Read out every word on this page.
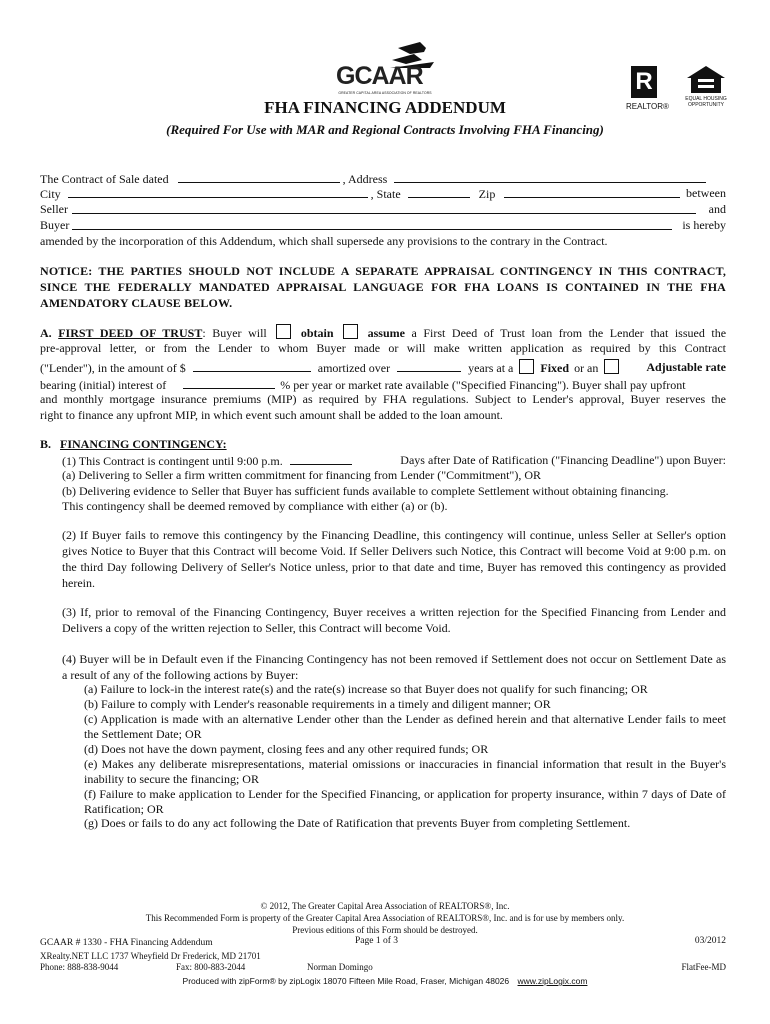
GCAAR
GREATER CAPITAL AREA ASSOCIATION OF REALTORS	R
REALTOR®
EQUAL HOUSING
OPPORTUNITY
FHA FINANCING ADDENDUM
(Required For Use with MAR and Regional Contracts Involving FHA Financing)
The Contract of Sale dated	, Address
City	, State	Zip	between
Seller	and
Buyer	is hereby
amended by the incorporation of this Addendum, which shall supersede any provisions to the contrary in the Contract.
NOTICE: THE PARTIES SHOULD NOT INCLUDE A SEPARATE APPRAISAL CONTINGENCY IN THIS CONTRACT, SINCE THE FEDERALLY MANDATED APPRAISAL LANGUAGE FOR FHA LOANS IS CONTAINED IN THE FHA AMENDATORY CLAUSE BELOW.
A. FIRST DEED OF TRUST: Buyer will	obtain	assume a First Deed of Trust loan from the Lender that issued the
pre-approval letter, or from the Lender to whom Buyer made or will make written application as required by this Contract
("Lender"), in the amount of $	amortized over	years at a Fixed or an	Adjustable rate
bearing (initial) interest of	% per year or market rate available ("Specified Financing"). Buyer shall pay upfront
and monthly mortgage insurance premiums (MIP) as required by FHA regulations. Subject to Lender's approval, Buyer reserves the
right to finance any upfront MIP, in which event such amount shall be added to the loan amount.
B. FINANCING CONTINGENCY:
(1) This Contract is contingent until 9:00 p.m.	Days after Date of Ratification ("Financing Deadline") upon Buyer:
(a) Delivering to Seller a firm written commitment for financing from Lender ("Commitment"), OR
(b) Delivering evidence to Seller that Buyer has sufficient funds available to complete Settlement without obtaining financing.
This contingency shall be deemed removed by compliance with either (a) or (b).
(2) If Buyer fails to remove this contingency by the Financing Deadline, this contingency will continue, unless Seller at Seller's option gives Notice to Buyer that this Contract will become Void. If Seller Delivers such Notice, this Contract will become Void at 9:00 p.m. on the third Day following Delivery of Seller's Notice unless, prior to that date and time, Buyer has removed this contingency as provided herein.
(3) If, prior to removal of the Financing Contingency, Buyer receives a written rejection for the Specified Financing from Lender and Delivers a copy of the written rejection to Seller, this Contract will become Void.
(4) Buyer will be in Default even if the Financing Contingency has not been removed if Settlement does not occur on Settlement Date as a result of any of the following actions by Buyer:
(a) Failure to lock-in the interest rate(s) and the rate(s) increase so that Buyer does not qualify for such financing; OR
(b) Failure to comply with Lender's reasonable requirements in a timely and diligent manner; OR
(c) Application is made with an alternative Lender other than the Lender as defined herein and that alternative Lender fails to meet the Settlement Date; OR
(d) Does not have the down payment, closing fees and any other required funds; OR
(e) Makes any deliberate misrepresentations, material omissions or inaccuracies in financial information that result in the Buyer's inability to secure the financing; OR
(f) Failure to make application to Lender for the Specified Financing, or application for property insurance, within 7 days of Date of Ratification; OR
(g) Does or fails to do any act following the Date of Ratification that prevents Buyer from completing Settlement.
© 2012, The Greater Capital Area Association of REALTORS®, Inc.
This Recommended Form is property of the Greater Capital Area Association of REALTORS®, Inc. and is for use by members only.
Previous editions of this Form should be destroyed.
GCAAR # 1330 - FHA Financing Addendum	Page 1 of 3	03/2012
XRealty.NET LLC 1737 Wheyfield Dr Frederick, MD 21701
Phone: 888-838-9044	Fax: 800-883-2044	Norman Domingo	FlatFee-MD
Produced with zipForm® by zipLogix 18070 Fifteen Mile Road, Fraser, Michigan 48026 www.zipLogix.com
